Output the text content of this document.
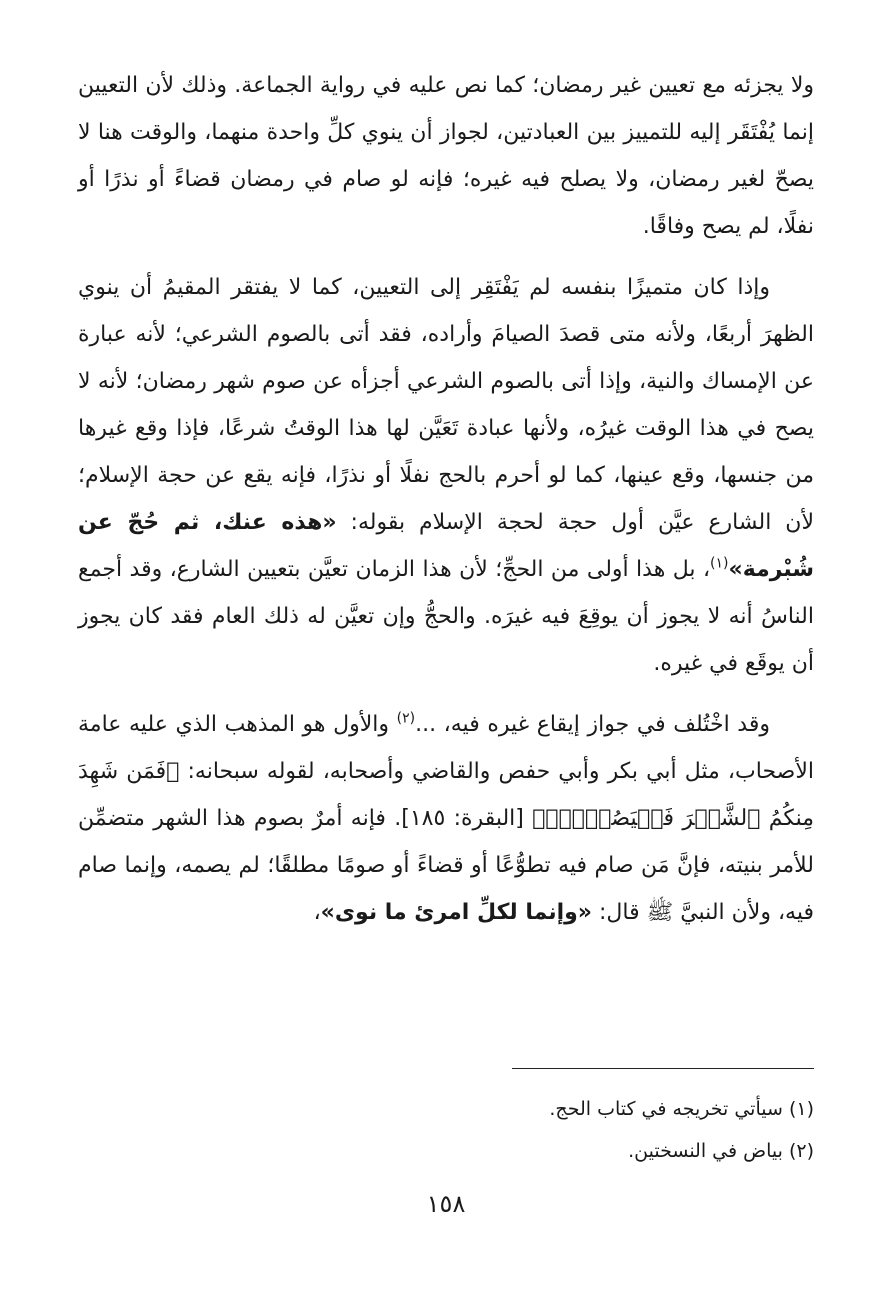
ولا يجزئه مع تعيين غير رمضان؛ كما نص عليه في رواية الجماعة. وذلك لأن التعيين إنما يُفْتَقَر إليه للتمييز بين العبادتين، لجواز أن ينوي كلِّ واحدة منهما، والوقت هنا لا يصحّ لغير رمضان، ولا يصلح فيه غيره؛ فإنه لو صام في رمضان قضاءً أو نذرًا أو نفلًا، لم يصح وفاقًا.

وإذا كان متميزًا بنفسه لم يَفْتَقِر إلى التعيين، كما لا يفتقر المقيمُ أن ينوي الظهرَ أربعًا، ولأنه متى قصدَ الصيامَ وأراده، فقد أتى بالصوم الشرعي؛ لأنه عبارة عن الإمساك والنية، وإذا أتى بالصوم الشرعي أجزأه عن صوم شهر رمضان؛ لأنه لا يصح في هذا الوقت غيرُه، ولأنها عبادة تَعَيَّن لها هذا الوقتُ شرعًا، فإذا وقع غيرها من جنسها، وقع عينها، كما لو أحرم بالحج نفلًا أو نذرًا، فإنه يقع عن حجة الإسلام؛ لأن الشارع عيَّن أول حجة لحجة الإسلام بقوله: «هذه عنك، ثم حُجّ عن شُبْرمة»$^{(١)}$، بل هذا أولى من الحجِّ؛ لأن هذا الزمان تعيَّن بتعيين الشارع، وقد أجمع الناسُ أنه لا يجوز أن يوقِعَ فيه غيرَه. والحجُّ وإن تعيَّن له ذلك العام فقد كان يجوز أن يوقَع في غيره.

وقد اخْتُلف في جواز إيقاع غيره فيه، ...$^{(٢)}$ والأول هو المذهب الذي عليه عامة الأصحاب، مثل أبي بكر وأبي حفص والقاضي وأصحابه، لقوله سبحانه: ﴿فَمَن شَهِدَ مِنكُمُ ٱلشَّهۡرَ فَلۡيَصُمۡهُۖ﴾ [البقرة: ١٨٥]. فإنه أمرٌ بصوم هذا الشهر متضمِّن للأمر بنيته، فإنَّ مَن صام فيه تطوُّعًا أو قضاءً أو صومًا مطلقًا؛ لم يصمه، وإنما صام فيه، ولأن النبيَّ ﷺ قال: «وإنما لكلِّ امرئ ما نوى»،

(١) سيأتي تخريجه في كتاب الحج.

(٢) بياض في النسختين.

١٥٨
